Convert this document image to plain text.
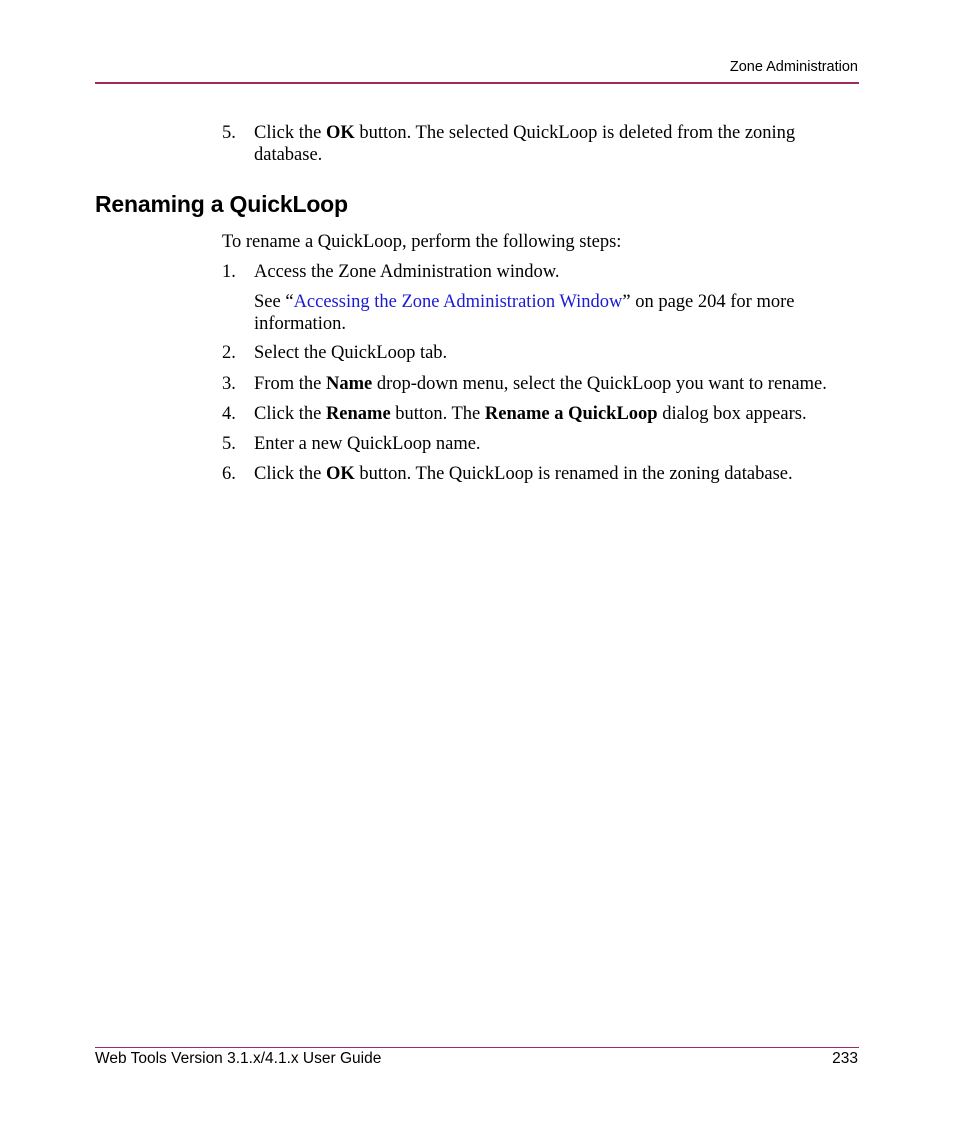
Zone Administration
5. Click the OK button. The selected QuickLoop is deleted from the zoning database.
Renaming a QuickLoop
To rename a QuickLoop, perform the following steps:
1. Access the Zone Administration window.
See “Accessing the Zone Administration Window” on page 204 for more information.
2. Select the QuickLoop tab.
3. From the Name drop-down menu, select the QuickLoop you want to rename.
4. Click the Rename button. The Rename a QuickLoop dialog box appears.
5. Enter a new QuickLoop name.
6. Click the OK button. The QuickLoop is renamed in the zoning database.
Web Tools Version 3.1.x/4.1.x User Guide	233
